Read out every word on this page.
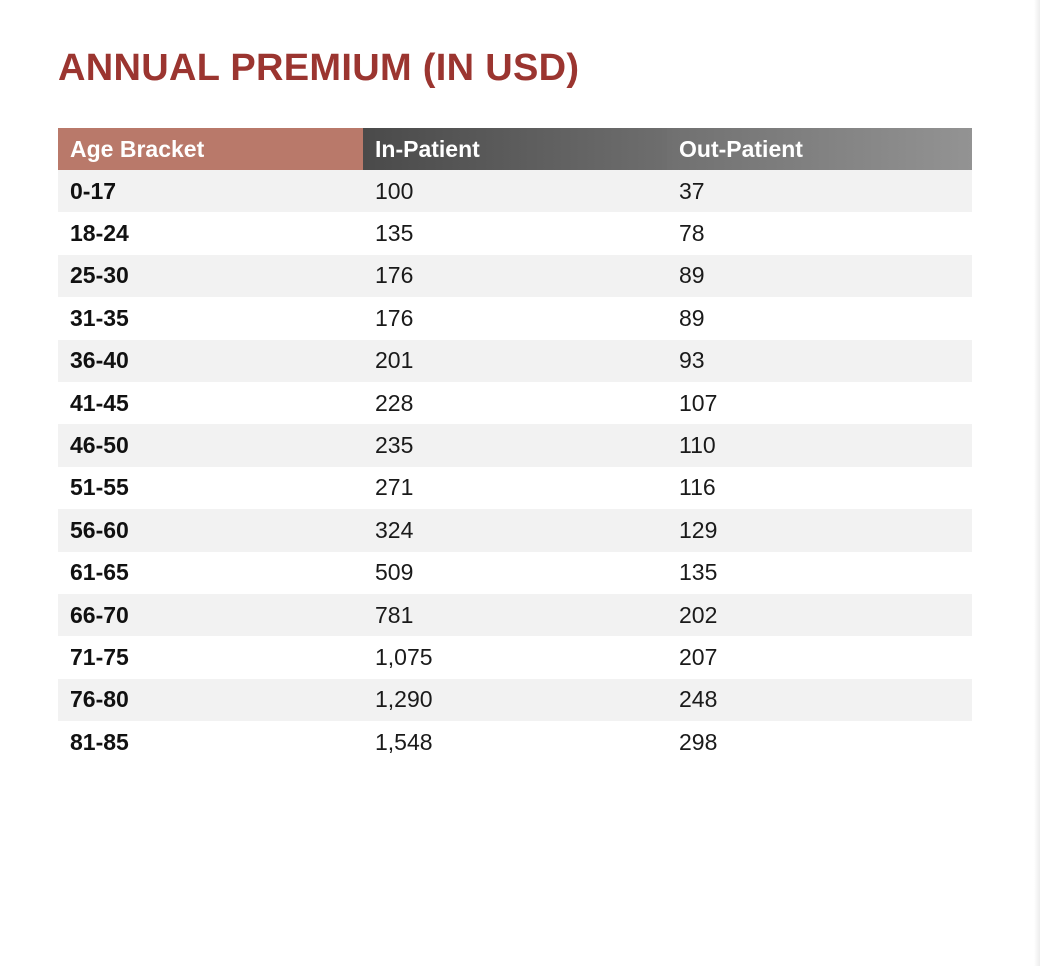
ANNUAL PREMIUM (IN USD)
Age Bracket	In-Patient	Out-Patient
0-17	100	37
18-24	135	78
25-30	176	89
31-35	176	89
36-40	201	93
41-45	228	107
46-50	235	110
51-55	271	116
56-60	324	129
61-65	509	135
66-70	781	202
71-75	1,075	207
76-80	1,290	248
81-85	1,548	298
